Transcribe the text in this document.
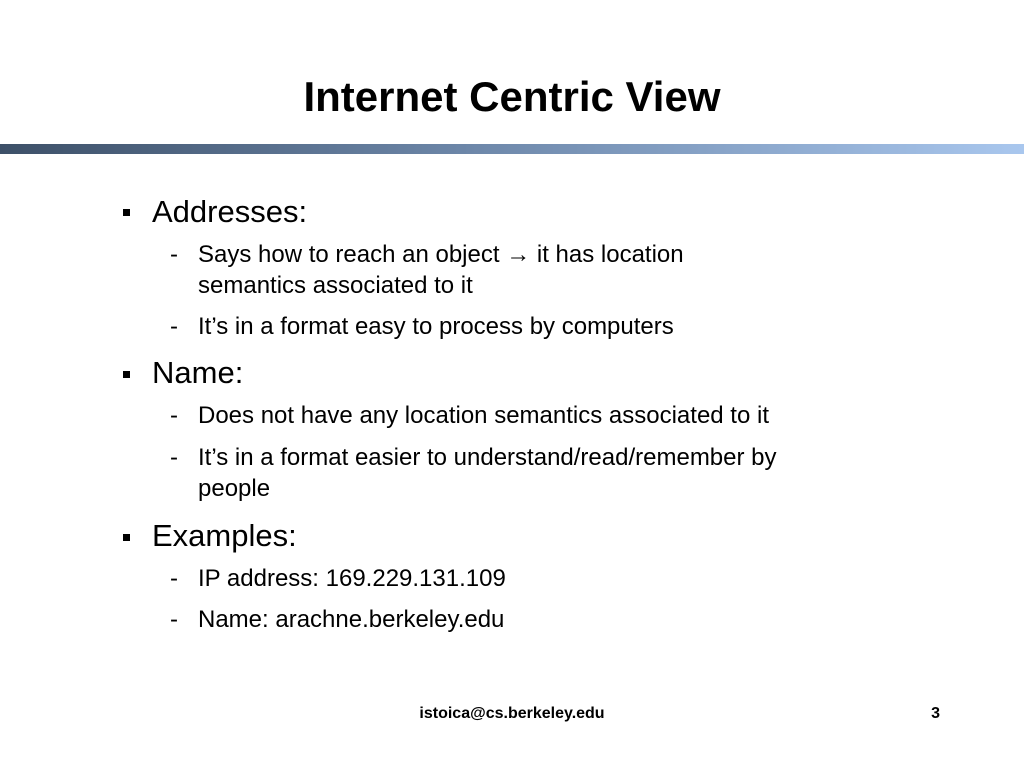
Internet Centric View
Addresses:
- Says how to reach an object → it has location
semantics associated to it
- It’s in a format easy to process by computers
Name:
- Does not have any location semantics associated to it
- It’s in a format easier to understand/read/remember by
people
Examples:
- IP address: 169.229.131.109
- Name: arachne.berkeley.edu
istoica@cs.berkeley.edu	3
